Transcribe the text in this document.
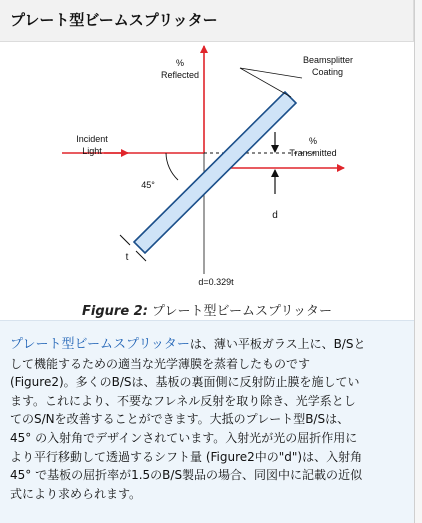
プレート型ビームスプリッター
%
Reflected
Beamsplitter
Coating
Incident
Light
%
Transmitted
45°
d
t
d=0.329t
Figure 2: プレート型ビームスプリッター
プレート型ビームスプリッターは、薄い平板ガラス上に、B/Sと
して機能するための適当な光学薄膜を蒸着したものです
(Figure2)。多くのB/Sは、基板の裏面側に反射防止膜を施してい
ます。これにより、不要なフレネル反射を取り除き、光学系とし
てのS/Nを改善することができます。大抵のプレート型B/Sは、
45° の入射角でデザインされています。入射光が光の屈折作用に
より平行移動して透過するシフト量 (Figure2中の"d")は、入射角
45° で基板の屈折率が1.5のB/S製品の場合、同図中に記載の近似
式により求められます。
